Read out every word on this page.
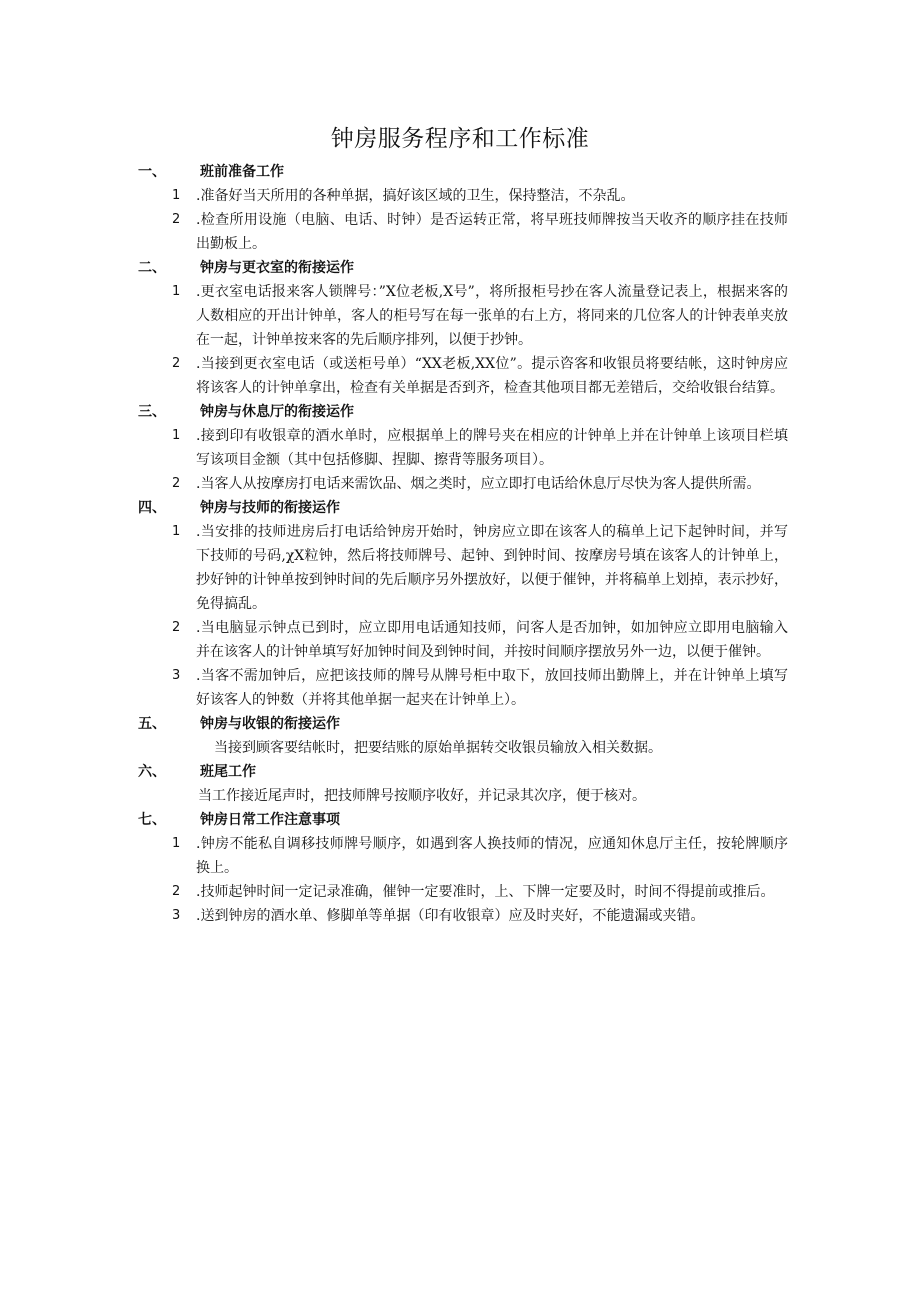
钟房服务程序和工作标准
一、 班前准备工作
1 .准备好当天所用的各种单据，搞好该区域的卫生，保持整洁，不杂乱。
2 .检查所用设施（电脑、电话、时钟）是否运转正常，将早班技师牌按当天收齐的顺序挂在技师出勤板上。
二、 钟房与更衣室的衔接运作
1 .更衣室电话报来客人锁牌号：”X位老板,X号”，将所报柜号抄在客人流量登记表上，根据来客的人数相应的开出计钟单，客人的柜号写在每一张单的右上方，将同来的几位客人的计钟表单夹放在一起，计钟单按来客的先后顺序排列，以便于抄钟。
2 .当接到更衣室电话（或送柜号单）“XX老板,XX位”。提示咨客和收银员将要结帐，这时钟房应将该客人的计钟单拿出，检查有关单据是否到齐，检查其他项目都无差错后，交给收银台结算。
三、 钟房与休息厅的衔接运作
1 .接到印有收银章的酒水单时，应根据单上的牌号夹在相应的计钟单上并在计钟单上该项目栏填写该项目金额（其中包括修脚、捏脚、擦背等服务项目）。
2 .当客人从按摩房打电话来需饮品、烟之类时，应立即打电话给休息厅尽快为客人提供所需。
四、 钟房与技师的衔接运作
1 .当安排的技师进房后打电话给钟房开始时，钟房应立即在该客人的稿单上记下起钟时间，并写下技师的号码,χX粒钟，然后将技师牌号、起钟、到钟时间、按摩房号填在该客人的计钟单上，抄好钟的计钟单按到钟时间的先后顺序另外摆放好，以便于催钟，并将稿单上划掉，表示抄好，免得搞乱。
2 .当电脑显示钟点已到时，应立即用电话通知技师，问客人是否加钟，如加钟应立即用电脑输入并在该客人的计钟单填写好加钟时间及到钟时间，并按时间顺序摆放另外一边，以便于催钟。
3 .当客不需加钟后，应把该技师的牌号从牌号柜中取下，放回技师出勤牌上，并在计钟单上填写好该客人的钟数（并将其他单据一起夹在计钟单上）。
五、 钟房与收银的衔接运作
当接到顾客要结帐时，把要结账的原始单据转交收银员输放入相关数据。
六、 班尾工作
当工作接近尾声时，把技师牌号按顺序收好，并记录其次序，便于核对。
七、 钟房日常工作注意事项
1 .钟房不能私自调移技师牌号顺序，如遇到客人换技师的情况，应通知休息厅主任，按轮牌顺序换上。
2 .技师起钟时间一定记录准确，催钟一定要准时，上、下牌一定要及时，时间不得提前或推后。
3 .送到钟房的酒水单、修脚单等单据（印有收银章）应及时夹好，不能遗漏或夹错。
